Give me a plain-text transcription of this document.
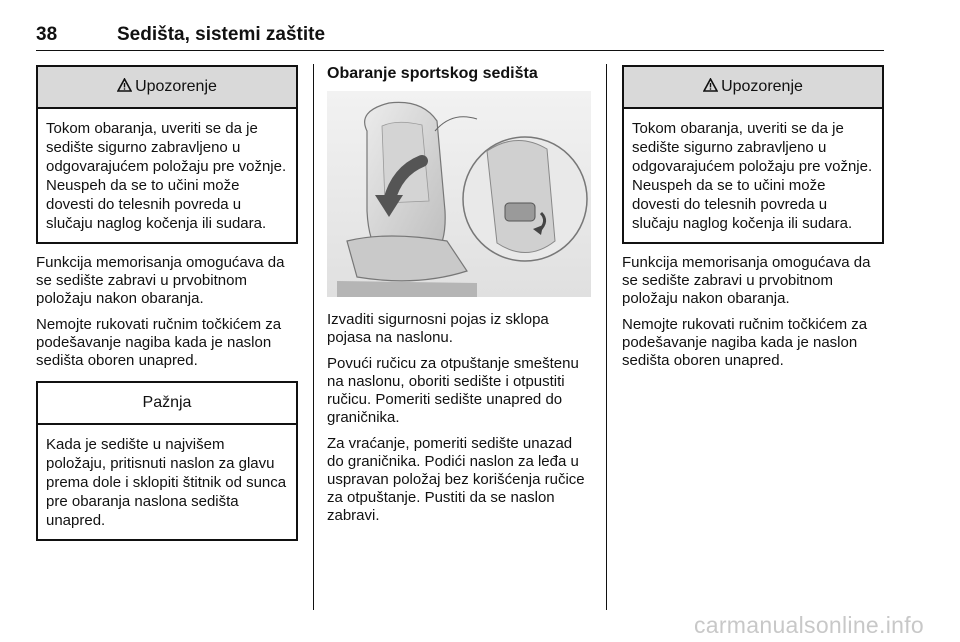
38	Sedišta, sistemi zaštite
Upozorenje
Tokom obaranja, uveriti se da je sedište sigurno zabravljeno u odgovarajućem položaju pre vožnje. Neuspeh da se to učini može dovesti do telesnih povreda u slučaju naglog kočenja ili sudara.

Funkcija memorisanja omogućava da se sedište zabravi u prvobitnom položaju nakon obaranja.

Nemojte rukovati ručnim točkićem za podešavanje nagiba kada je naslon sedišta oboren unapred.

Pažnja
Kada je sedište u najvišem položaju, pritisnuti naslon za glavu prema dole i sklopiti štitnik od sunca pre obaranja naslona sedišta unapred.
Obaranje sportskog sedišta

Izvaditi sigurnosni pojas iz sklopa pojasa na naslonu.

Povući ručicu za otpuštanje smeštenu na naslonu, oboriti sedište i otpustiti ručicu. Pomeriti sedište unapred do graničnika.

Za vraćanje, pomeriti sedište unazad do graničnika. Podići naslon za leđa u uspravan položaj bez korišćenja ručice za otpuštanje. Pustiti da se naslon zabravi.

Upozorenje
Tokom obaranja, uveriti se da je sedište sigurno zabravljeno u odgovarajućem položaju pre vožnje. Neuspeh da se to učini može dovesti do telesnih povreda u slučaju naglog kočenja ili sudara.

Funkcija memorisanja omogućava da se sedište zabravi u prvobitnom položaju nakon obaranja.

Nemojte rukovati ručnim točkićem za podešavanje nagiba kada je naslon sedišta oboren unapred.

carmanualsonline.info
